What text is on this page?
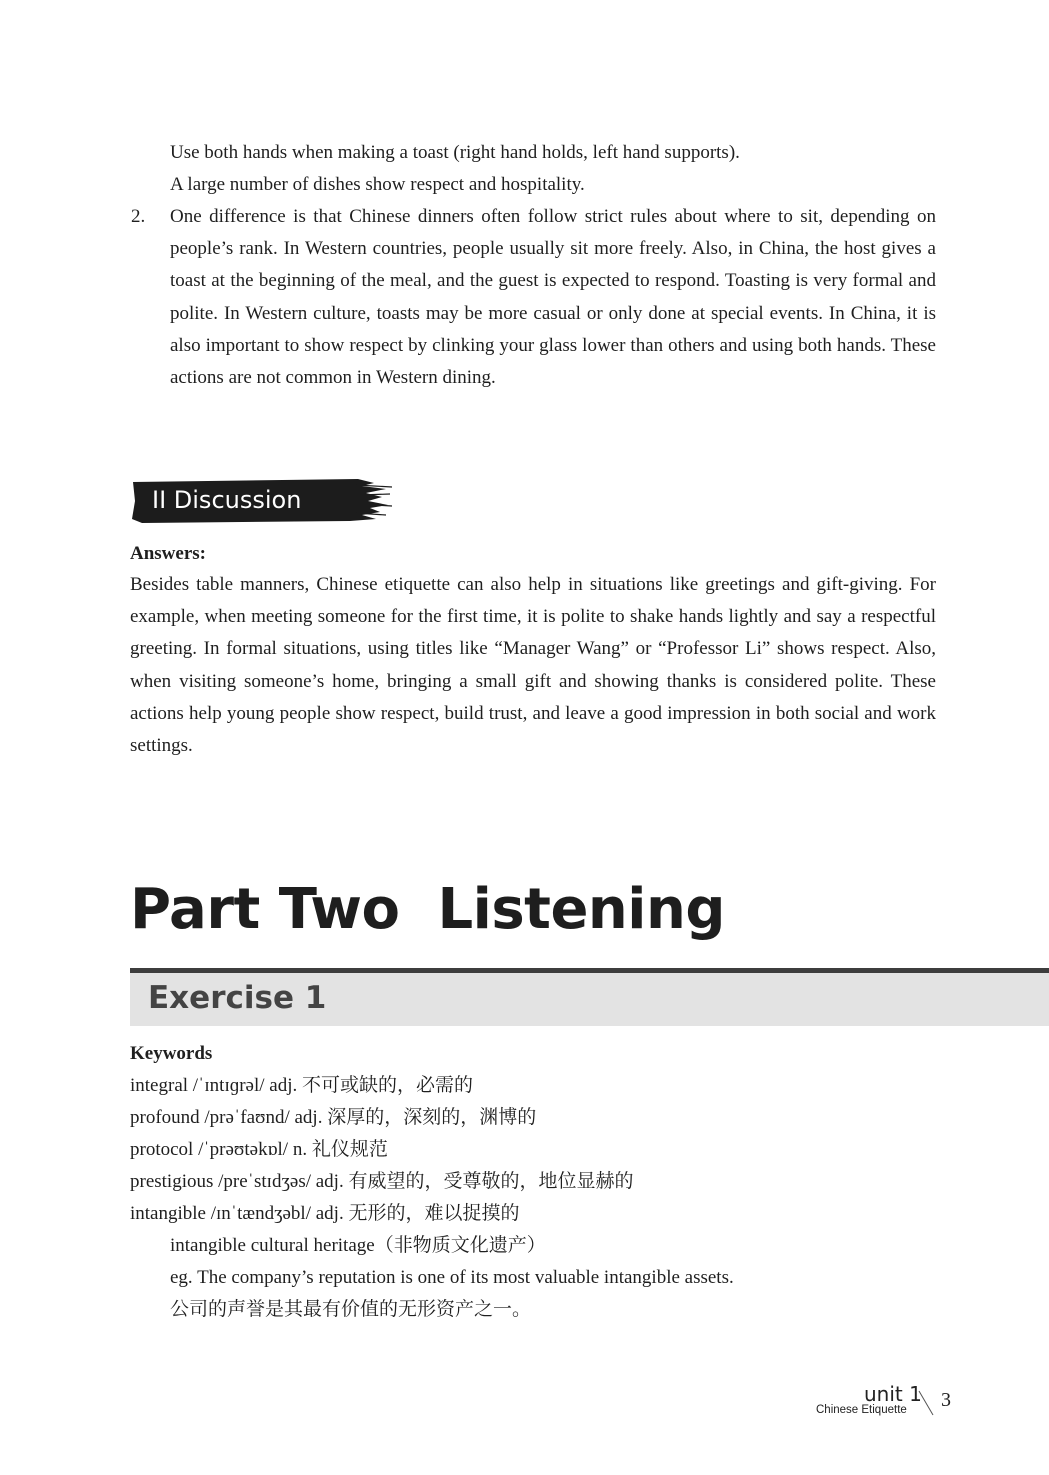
Use both hands when making a toast (right hand holds, left hand supports).
A large number of dishes show respect and hospitality.
2. One difference is that Chinese dinners often follow strict rules about where to sit, depending on people’s rank. In Western countries, people usually sit more freely. Also, in China, the host gives a toast at the beginning of the meal, and the guest is expected to respond. Toasting is very formal and polite. In Western culture, toasts may be more casual or only done at special events. In China, it is also important to show respect by clinking your glass lower than others and using both hands. These actions are not common in Western dining.
II Discussion
Answers:
Besides table manners, Chinese etiquette can also help in situations like greetings and gift-giving. For example, when meeting someone for the first time, it is polite to shake hands lightly and say a respectful greeting. In formal situations, using titles like “Manager Wang” or “Professor Li” shows respect. Also, when visiting someone’s home, bringing a small gift and showing thanks is considered polite. These actions help young people show respect, build trust, and leave a good impression in both social and work settings.
Part Two  Listening
Exercise 1
Keywords
integral /ˈɪntɪɡrəl/ adj. 不可或缺的，必需的
profound /prəˈfaʊnd/ adj. 深厚的，深刻的，渊博的
protocol /ˈprəʊtəkɒl/ n. 礼仪规范
prestigious /preˈstɪdʒəs/ adj. 有威望的，受尊敬的，地位显赫的
intangible /ɪnˈtændʒəbl/ adj. 无形的，难以捉摸的
intangible cultural heritage（非物质文化遗产）
eg. The company’s reputation is one of its most valuable intangible assets.
公司的声誉是其最有价值的无形资产之一。
unit 1
Chinese Etiquette 3
